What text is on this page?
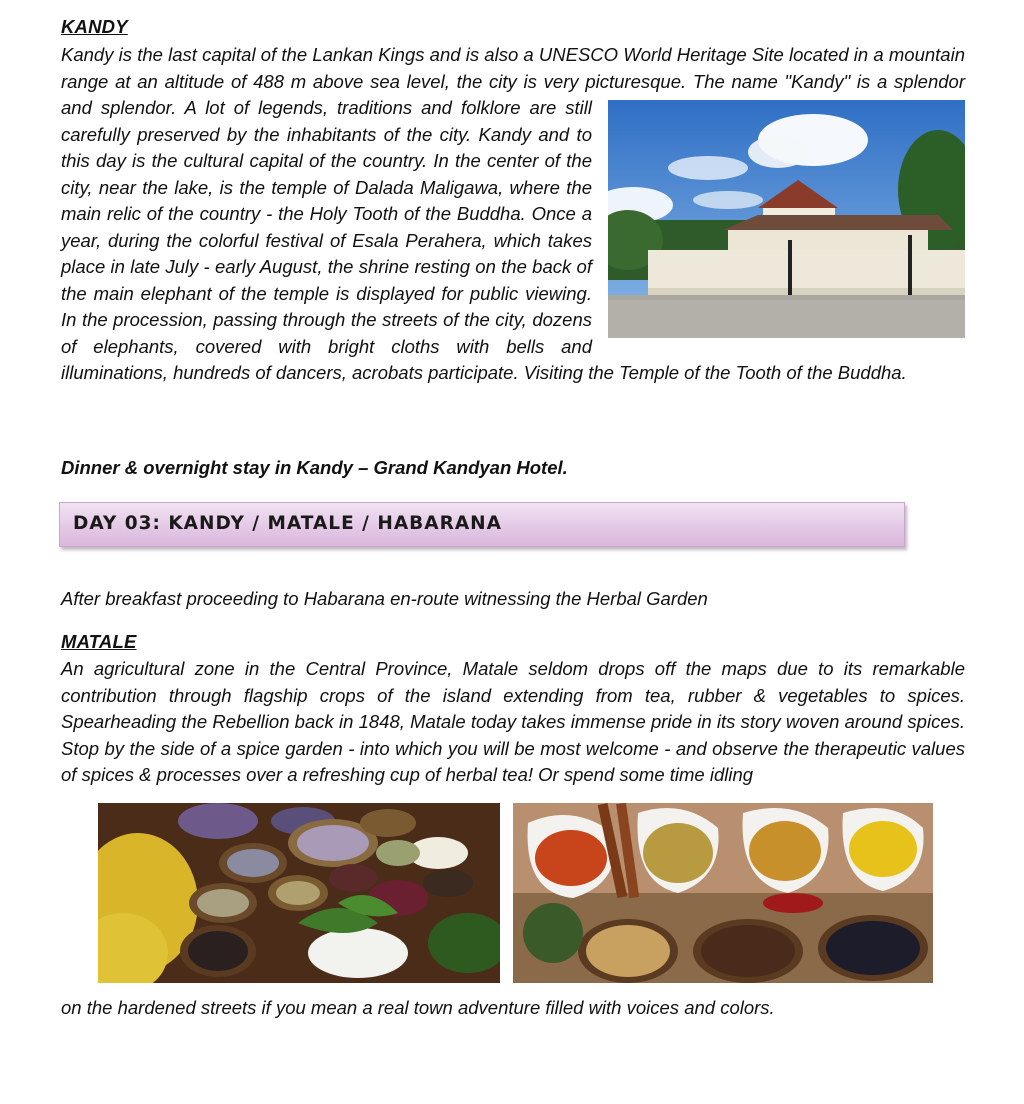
KANDY

Kandy is the last capital of the Lankan Kings and is also a UNESCO World Heritage Site located in a mountain range at an altitude of 488 m above sea level, the city is very picturesque. The name "Kandy" is a splendor and splendor. A lot of legends, traditions and folklore are still carefully preserved by the inhabitants of the city. Kandy and to this day is the cultural capital of the country. In the center of the city, near the lake, is the temple of Dalada Maligawa, where the main relic of the country - the Holy Tooth of the Buddha. Once a year, during the colorful festival of Esala Perahera, which takes place in late July - early August, the shrine resting on the back of the main elephant of the temple is displayed for public viewing. In the procession, passing through the streets of the city, dozens of elephants, covered with bright cloths with bells and illuminations, hundreds of dancers, acrobats participate. Visiting the Temple of the Tooth of the Buddha.

Dinner & overnight stay in Kandy – Grand Kandyan Hotel.
DAY 03: KANDY / MATALE / HABARANA
After breakfast proceeding to Habarana en-route witnessing the Herbal Garden
MATALE

An agricultural zone in the Central Province, Matale seldom drops off the maps due to its remarkable contribution through flagship crops of the island extending from tea, rubber & vegetables to spices. Spearheading the Rebellion back in 1848, Matale today takes immense pride in its story woven around spices. Stop by the side of a spice garden - into which you will be most welcome - and observe the therapeutic values of spices & processes over a refreshing cup of herbal tea! Or spend some time idling

on the hardened streets if you mean a real town adventure filled with voices and colors.
